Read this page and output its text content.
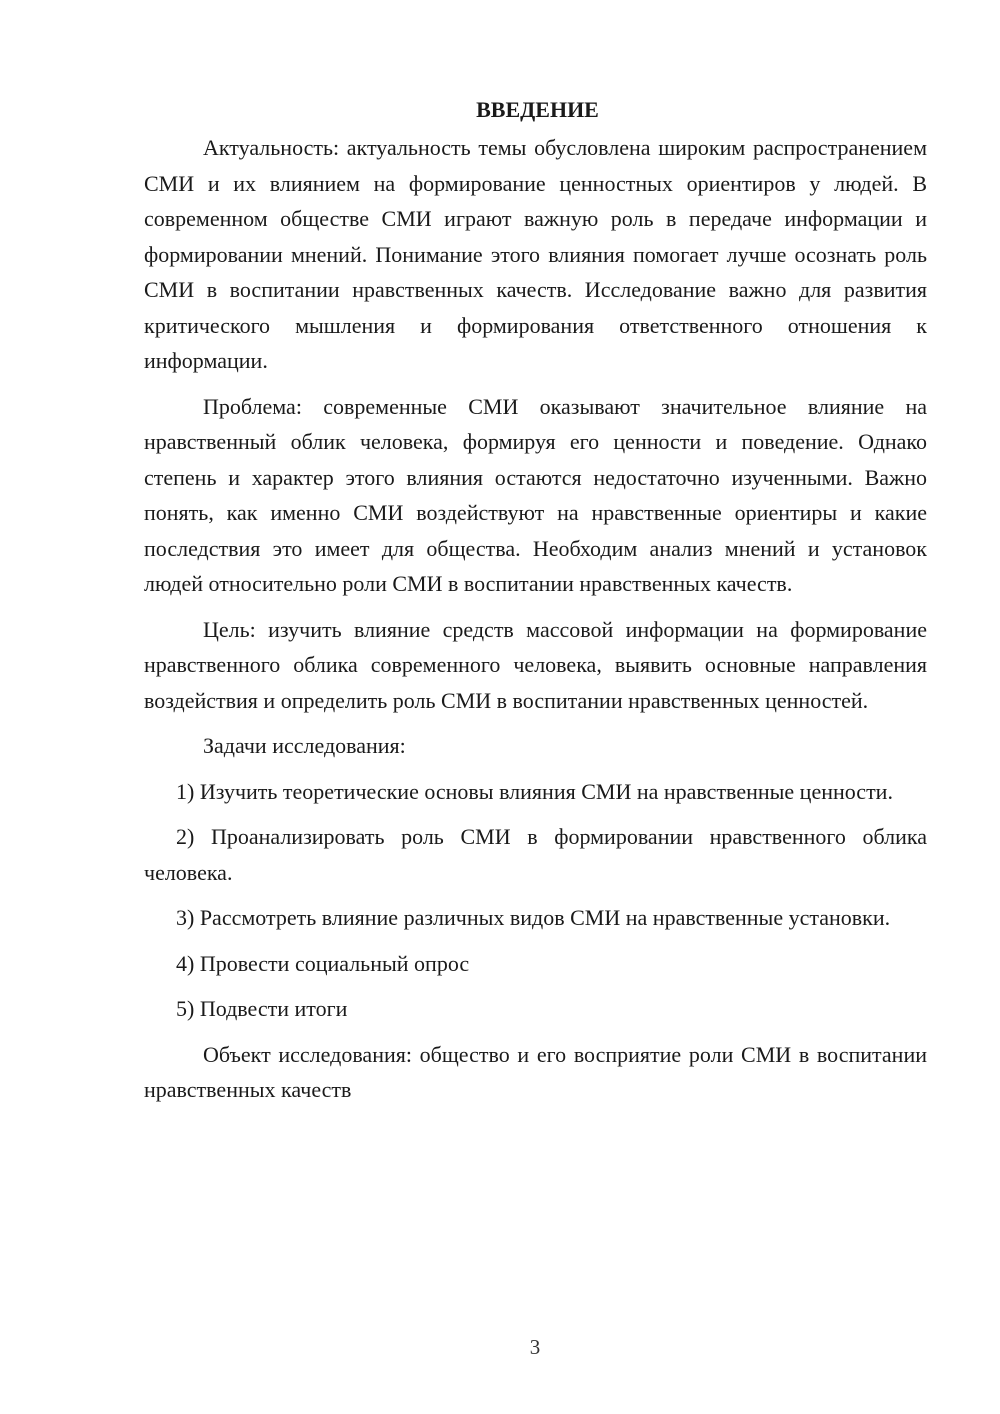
ВВЕДЕНИЕ

Актуальность: актуальность темы обусловлена широким распространением СМИ и их влиянием на формирование ценностных ориентиров у людей. В современном обществе СМИ играют важную роль в передаче информации и формировании мнений. Понимание этого влияния помогает лучше осознать роль СМИ в воспитании нравственных качеств. Исследование важно для развития критического мышления и формирования ответственного отношения к информации.

Проблема: современные СМИ оказывают значительное влияние на нравственный облик человека, формируя его ценности и поведение. Однако степень и характер этого влияния остаются недостаточно изученными. Важно понять, как именно СМИ воздействуют на нравственные ориентиры и какие последствия это имеет для общества. Необходим анализ мнений и установок людей относительно роли СМИ в воспитании нравственных качеств.

Цель: изучить влияние средств массовой информации на формирование нравственного облика современного человека, выявить основные направления воздействия и определить роль СМИ в воспитании нравственных ценностей.

Задачи исследования:

1) Изучить теоретические основы влияния СМИ на нравственные ценности.

2) Проанализировать роль СМИ в формировании нравственного облика человека.

3) Рассмотреть влияние различных видов СМИ на нравственные установки.

4) Провести социальный опрос

5) Подвести итоги

Объект исследования: общество и его восприятие роли СМИ в воспитании нравственных качеств

3
